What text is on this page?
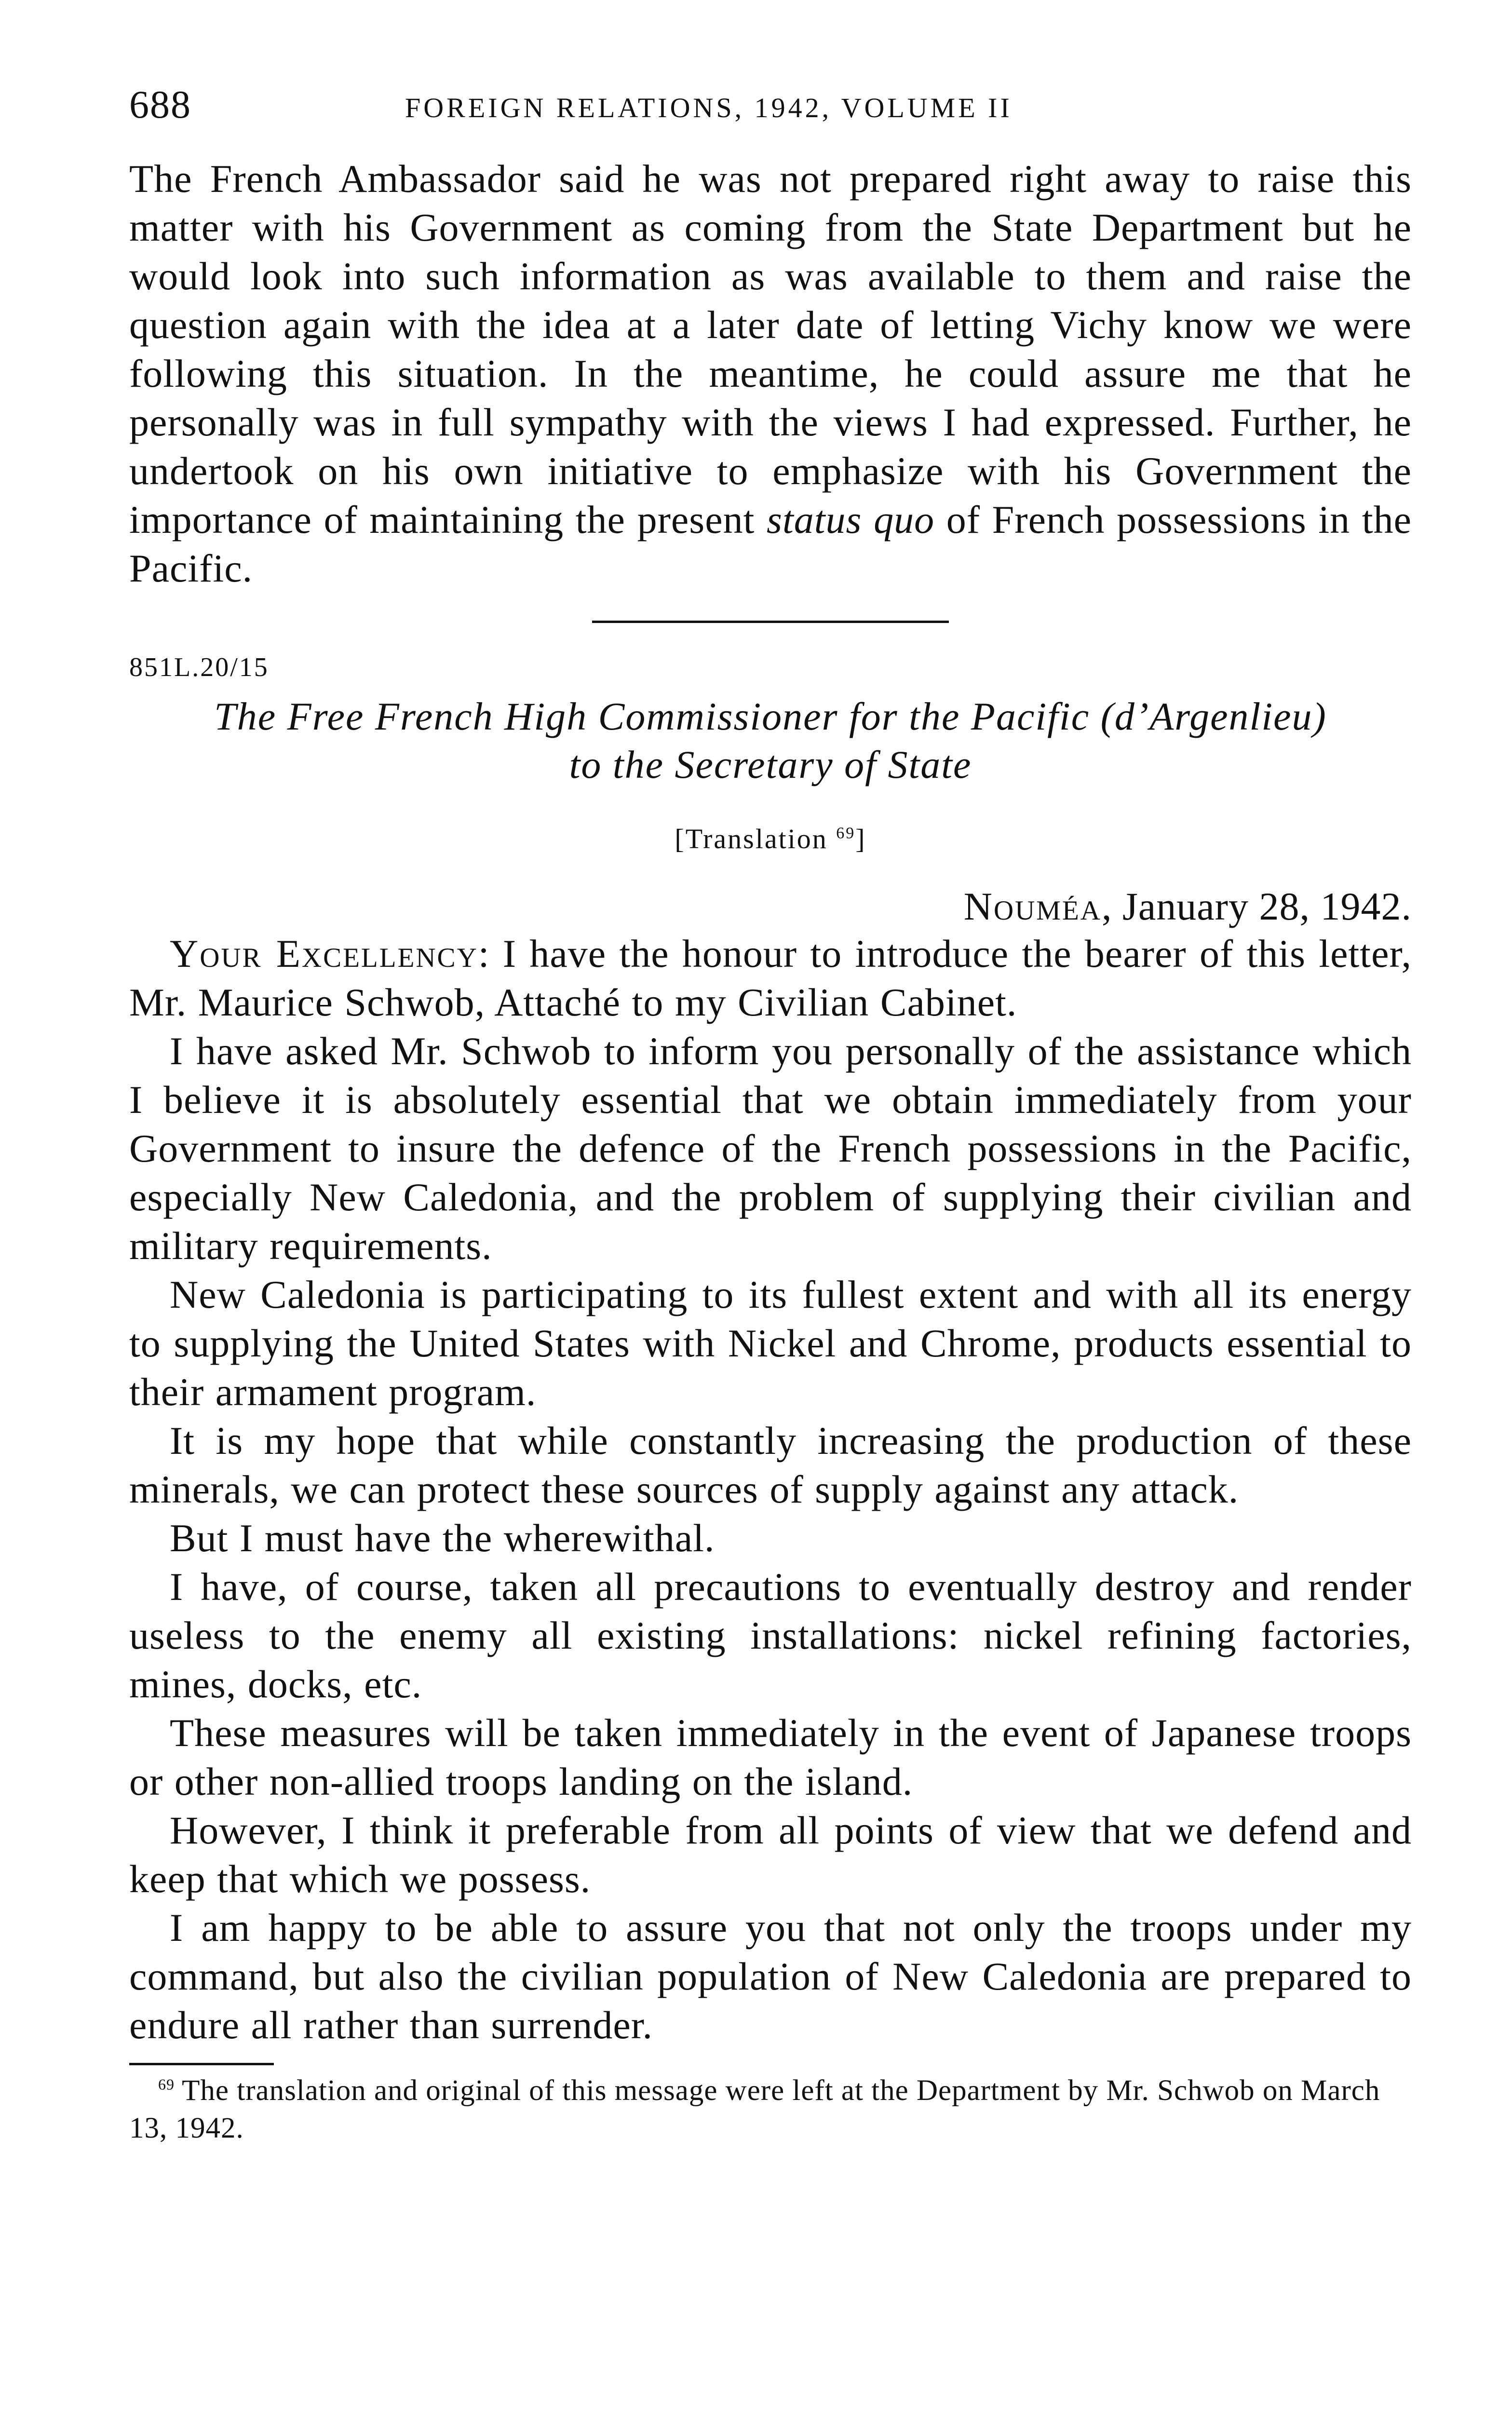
688	FOREIGN RELATIONS, 1942, VOLUME II

The French Ambassador said he was not prepared right away to raise this matter with his Government as coming from the State Department but he would look into such information as was available to them and raise the question again with the idea at a later date of letting Vichy know we were following this situation. In the meantime, he could assure me that he personally was in full sympathy with the views I had expressed. Further, he undertook on his own initiative to emphasize with his Government the importance of maintaining the present status quo of French possessions in the Pacific.

851L.20/15
The Free French High Commissioner for the Pacific (d’Argenlieu)
to the Secretary of State
[Translation $^{69}$]
Nouméa, January 28, 1942.

Your Excellency: I have the honour to introduce the bearer of this letter, Mr. Maurice Schwob, Attaché to my Civilian Cabinet.

I have asked Mr. Schwob to inform you personally of the assistance which I believe it is absolutely essential that we obtain immediately from your Government to insure the defence of the French possessions in the Pacific, especially New Caledonia, and the problem of supplying their civilian and military requirements.

New Caledonia is participating to its fullest extent and with all its energy to supplying the United States with Nickel and Chrome, products essential to their armament program.

It is my hope that while constantly increasing the production of these minerals, we can protect these sources of supply against any attack.

But I must have the wherewithal.

I have, of course, taken all precautions to eventually destroy and render useless to the enemy all existing installations: nickel refining factories, mines, docks, etc.

These measures will be taken immediately in the event of Japanese troops or other non-allied troops landing on the island.

However, I think it preferable from all points of view that we defend and keep that which we possess.

I am happy to be able to assure you that not only the troops under my command, but also the civilian population of New Caledonia are prepared to endure all rather than surrender.

$^{69}$ The translation and original of this message were left at the Department by Mr. Schwob on March 13, 1942.
